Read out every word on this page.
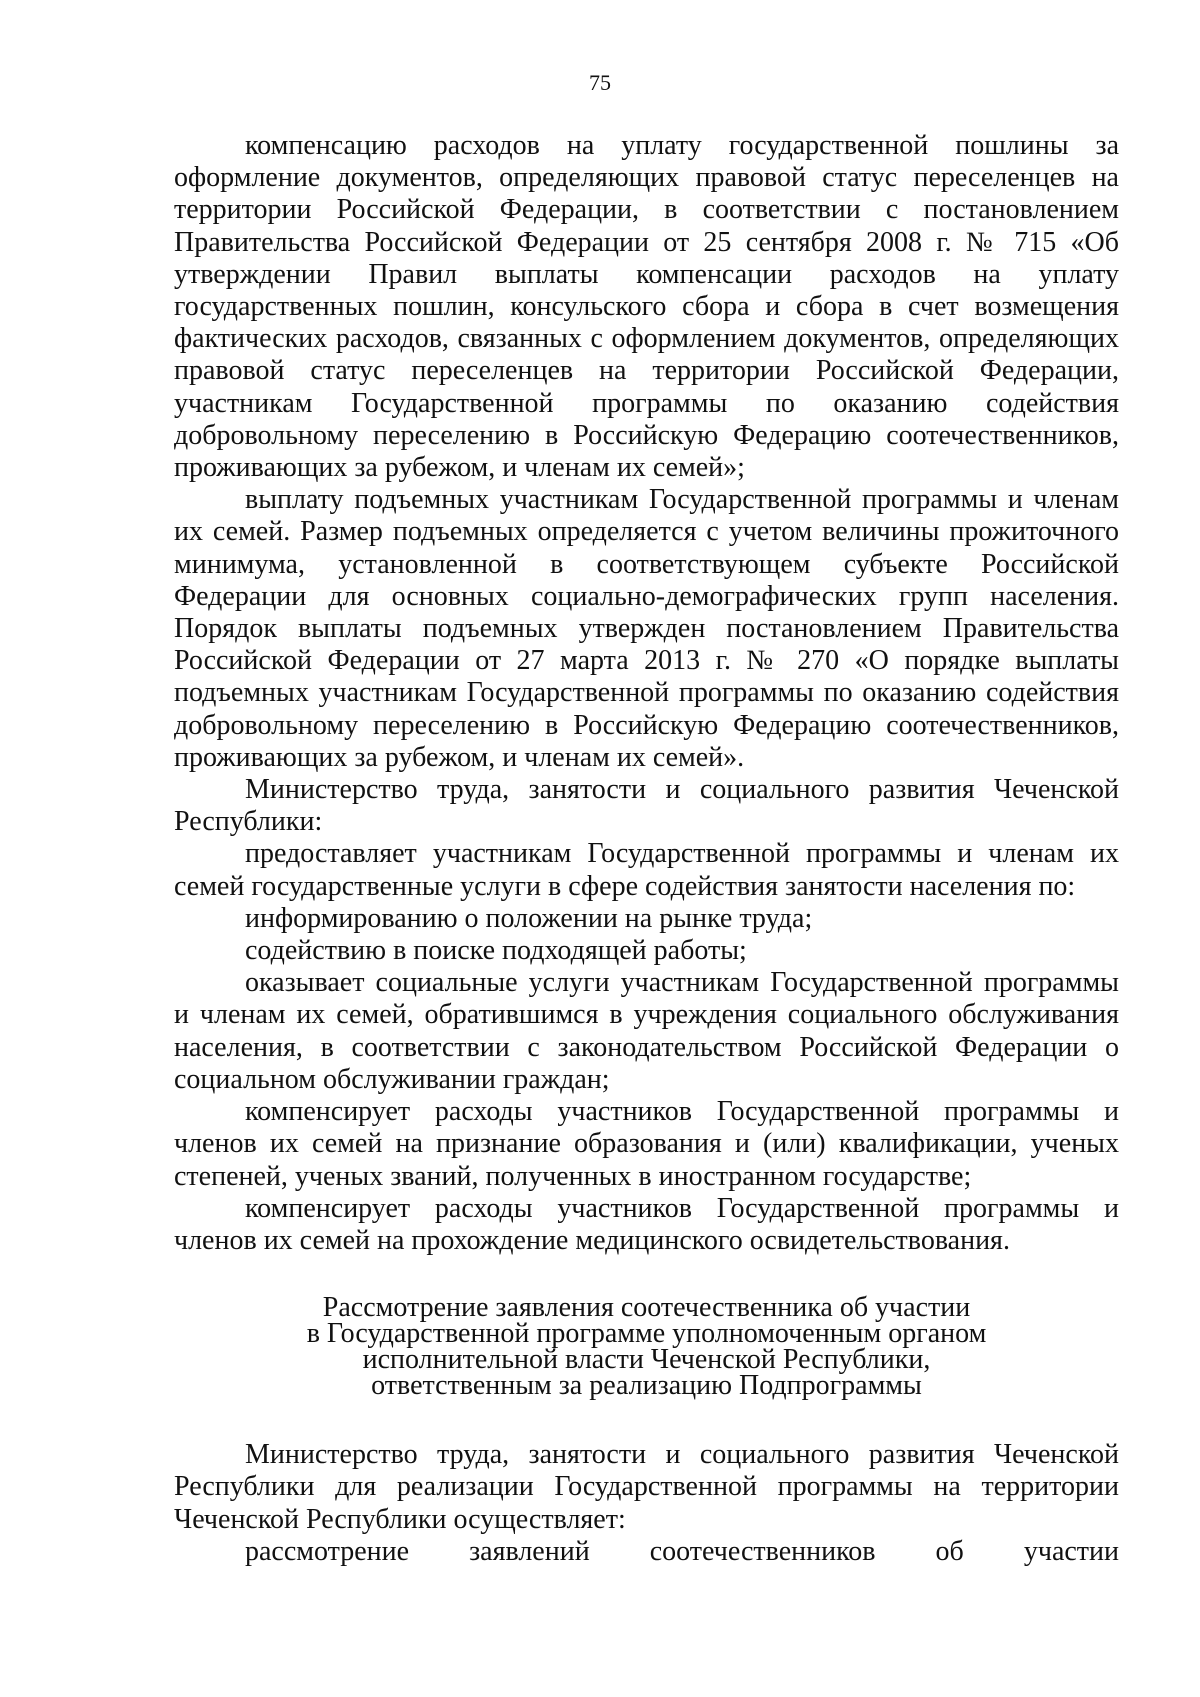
75

компенсацию расходов на уплату государственной пошлины за оформление документов, определяющих правовой статус переселенцев на территории Российской Федерации, в соответствии с постановлением Правительства Российской Федерации от 25 сентября 2008 г. № 715 «Об утверждении Правил выплаты компенсации расходов на уплату государственных пошлин, консульского сбора и сбора в счет возмещения фактических расходов, связанных с оформлением документов, определяющих правовой статус переселенцев на территории Российской Федерации, участникам Государственной программы по оказанию содействия добровольному переселению в Российскую Федерацию соотечественников, проживающих за рубежом, и членам их семей»;

выплату подъемных участникам Государственной программы и членам их семей. Размер подъемных определяется с учетом величины прожиточного минимума, установленной в соответствующем субъекте Российской Федерации для основных социально-демографических групп населения. Порядок выплаты подъемных утвержден постановлением Правительства Российской Федерации от 27 марта 2013 г. № 270 «О порядке выплаты подъемных участникам Государственной программы по оказанию содействия добровольному переселению в Российскую Федерацию соотечественников, проживающих за рубежом, и членам их семей».

Министерство труда, занятости и социального развития Чеченской Республики:

предоставляет участникам Государственной программы и членам их семей государственные услуги в сфере содействия занятости населения по:

информированию о положении на рынке труда;

содействию в поиске подходящей работы;

оказывает социальные услуги участникам Государственной программы и членам их семей, обратившимся в учреждения социального обслуживания населения, в соответствии с законодательством Российской Федерации о социальном обслуживании граждан;

компенсирует расходы участников Государственной программы и членов их семей на признание образования и (или) квалификации, ученых степеней, ученых званий, полученных в иностранном государстве;

компенсирует расходы участников Государственной программы и членов их семей на прохождение медицинского освидетельствования.

Рассмотрение заявления соотечественника об участии
в Государственной программе уполномоченным органом
исполнительной власти Чеченской Республики,
ответственным за реализацию Подпрограммы

Министерство труда, занятости и социального развития Чеченской Республики для реализации Государственной программы на территории Чеченской Республики осуществляет:

рассмотрение заявлений соотечественников об участии
